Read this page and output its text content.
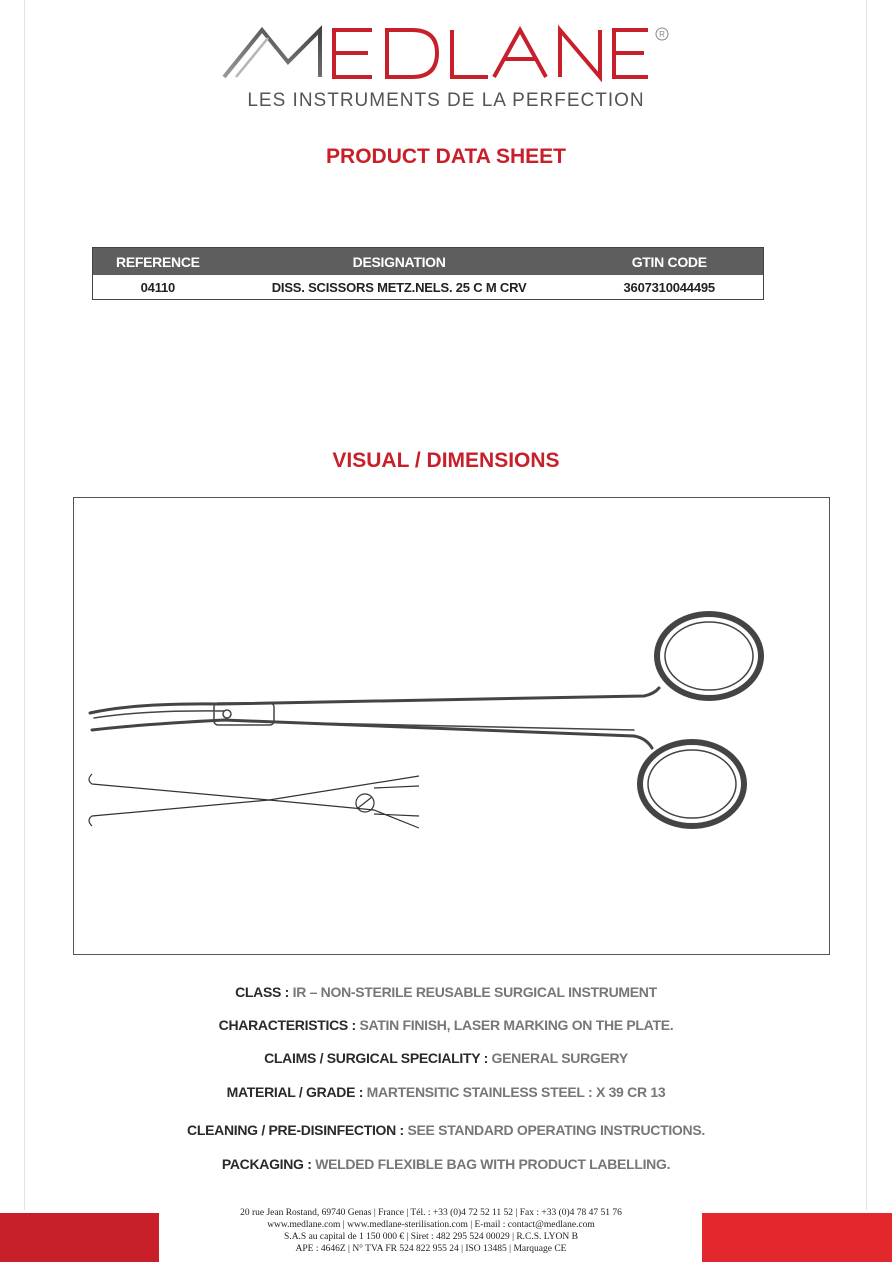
R
LES INSTRUMENTS DE LA PERFECTION
PRODUCT DATA SHEET
REFERENCE	DESIGNATION	GTIN CODE
04110	DISS. SCISSORS METZ.NELS. 25 C M CRV	3607310044495
VISUAL / DIMENSIONS
CLASS : IR – NON-STERILE REUSABLE SURGICAL INSTRUMENT
CHARACTERISTICS : SATIN FINISH, LASER MARKING ON THE PLATE.
CLAIMS / SURGICAL SPECIALITY : GENERAL SURGERY
MATERIAL / GRADE : MARTENSITIC STAINLESS STEEL : X 39 CR 13
CLEANING / PRE-DISINFECTION : SEE STANDARD OPERATING INSTRUCTIONS.
PACKAGING : WELDED FLEXIBLE BAG WITH PRODUCT LABELLING.
20 rue Jean Rostand, 69740 Genas | France | Tél. : +33 (0)4 72 52 11 52 | Fax : +33 (0)4 78 47 51 76
www.medlane.com | www.medlane-sterilisation.com | E-mail : contact@medlane.com
S.A.S au capital de 1 150 000 € | Siret : 482 295 524 00029 | R.C.S. LYON B
APE : 4646Z | N° TVA FR 524 822 955 24 | ISO 13485 | Marquage CE
